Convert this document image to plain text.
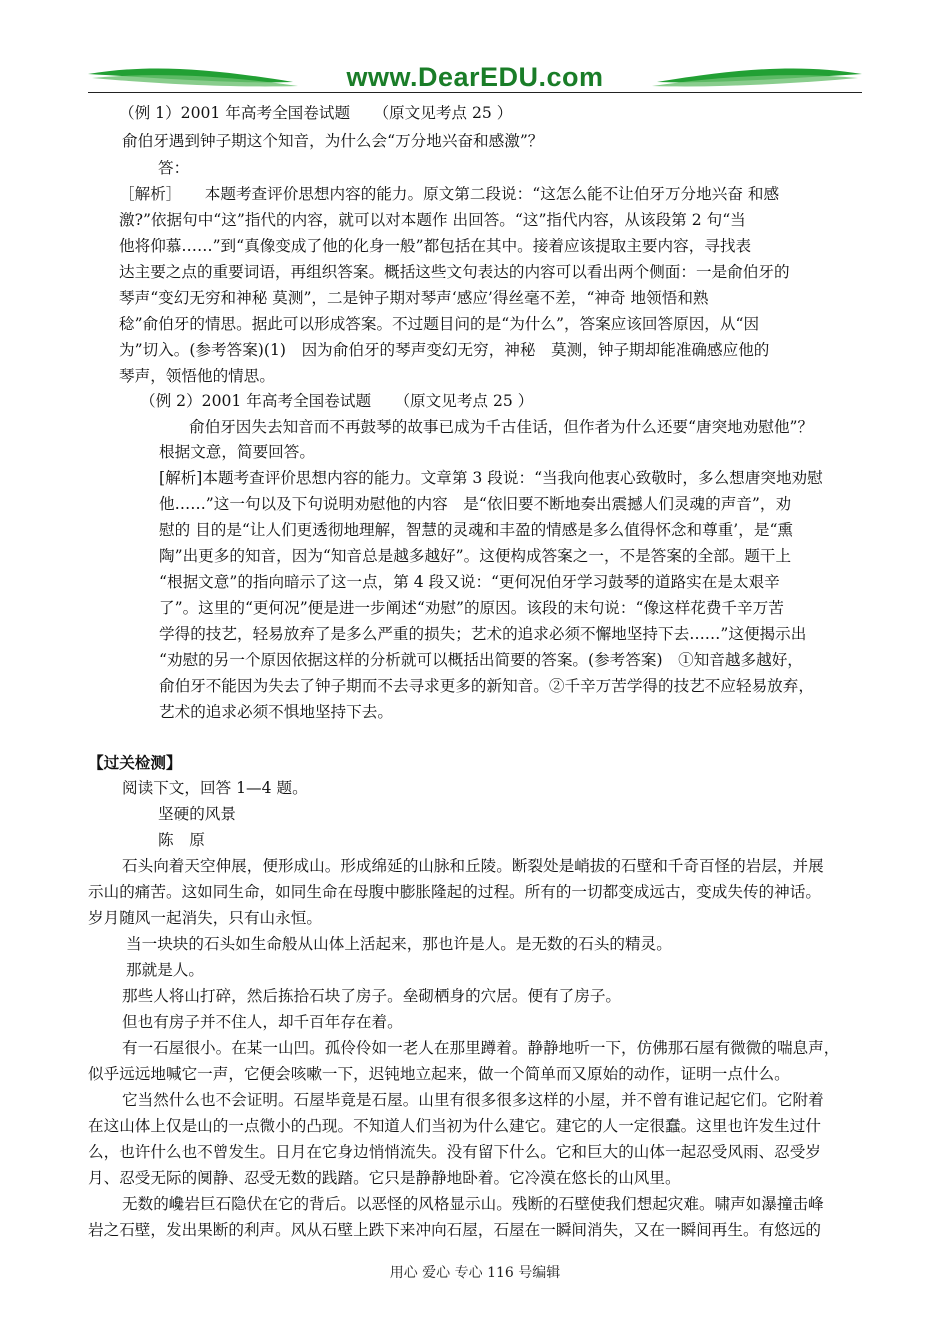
www.DearEDU.com
（例 1）2001 年高考全国卷试题　　（原文见考点 25 ）
俞伯牙遇到钟子期这个知音，为什么会“万分地兴奋和感激”？
答：
［解析］　　本题考查评价思想内容的能力。原文第二段说：“这怎么能不让伯牙万分地兴奋 和感
激?”依据句中“这”指代的内容，就可以对本题作 出回答。“这”指代内容，从该段第 2 句“当
他将仰慕……”到“真像变成了他的化身一般”都包括在其中。接着应该提取主要内容，寻找表
达主要之点的重要词语，再组织答案。概括这些文句表达的内容可以看出两个侧面：一是俞伯牙的
琴声“变幻无穷和神秘 莫测”，二是钟子期对琴声‘感应’得丝毫不差，“神奇 地领悟和熟
稔”俞伯牙的情思。据此可以形成答案。不过题目问的是“为什么”，答案应该回答原因，从“因
为”切入。(参考答案)(1)　因为俞伯牙的琴声变幻无穷，神秘　莫测，钟子期却能准确感应他的
琴声，领悟他的情思。
（例 2）2001 年高考全国卷试题　　（原文见考点 25 ）
俞伯牙因失去知音而不再鼓琴的故事已成为千古佳话，但作者为什么还要“唐突地劝慰他”？
根据文意，简要回答。
[解析]本题考查评价思想内容的能力。文章第 3 段说：“当我向他衷心致敬时，多么想唐突地劝慰
他……”这一句以及下句说明劝慰他的内容　是“依旧要不断地奏出震撼人们灵魂的声音”，劝
慰的 目的是“让人们更透彻地理解，智慧的灵魂和丰盈的情感是多么值得怀念和尊重’，是“熏
陶”出更多的知音，因为“知音总是越多越好”。这便构成答案之一，不是答案的全部。题干上
“根据文意”的指向暗示了这一点，第 4 段又说：“更何况伯牙学习鼓琴的道路实在是太艰辛
了”。这里的“更何况”便是进一步阐述“劝慰”的原因。该段的末句说：“像这样花费千辛万苦
学得的技艺，轻易放弃了是多么严重的损失；艺术的追求必须不懈地坚持下去……”这便揭示出
“劝慰的另一个原因依据这样的分析就可以概括出简要的答案。(参考答案)　①知音越多越好，
俞伯牙不能因为失去了钟子期而不去寻求更多的新知音。②千辛万苦学得的技艺不应轻易放弃，
艺术的追求必须不惧地坚持下去。
【过关检测】
阅读下文，回答 1—4 题。
坚硬的风景
陈　原
石头向着天空伸展，便形成山。形成绵延的山脉和丘陵。断裂处是峭拔的石壁和千奇百怪的岩层，并展
示山的痛苦。这如同生命，如同生命在母腹中膨胀隆起的过程。所有的一切都变成远古，变成失传的神话。
岁月随风一起消失，只有山永恒。
当一块块的石头如生命般从山体上活起来，那也许是人。是无数的石头的精灵。
那就是人。
那些人将山打碎，然后拣拾石块了房子。垒砌栖身的穴居。便有了房子。
但也有房子并不住人，却千百年存在着。
有一石屋很小。在某一山凹。孤伶伶如一老人在那里蹲着。静静地听一下，仿佛那石屋有微微的喘息声，
似乎远远地喊它一声，它便会咳嗽一下，迟钝地立起来，做一个简单而又原始的动作，证明一点什么。
它当然什么也不会证明。石屋毕竟是石屋。山里有很多很多这样的小屋，并不曾有谁记起它们。它附着
在这山体上仅是山的一点微小的凸现。不知道人们当初为什么建它。建它的人一定很蠢。这里也许发生过什
么，也许什么也不曾发生。日月在它身边悄悄流失。没有留下什么。它和巨大的山体一起忍受风雨、忍受岁
月、忍受无际的阒静、忍受无数的践踏。它只是静静地卧着。它冷漠在悠长的山风里。
无数的巉岩巨石隐伏在它的背后。以恶怪的风格显示山。残断的石壁使我们想起灾难。啸声如瀑撞击峰
岩之石壁，发出果断的利声。风从石壁上跌下来冲向石屋，石屋在一瞬间消失，又在一瞬间再生。有悠远的
用心 爱心 专心 116 号编辑
